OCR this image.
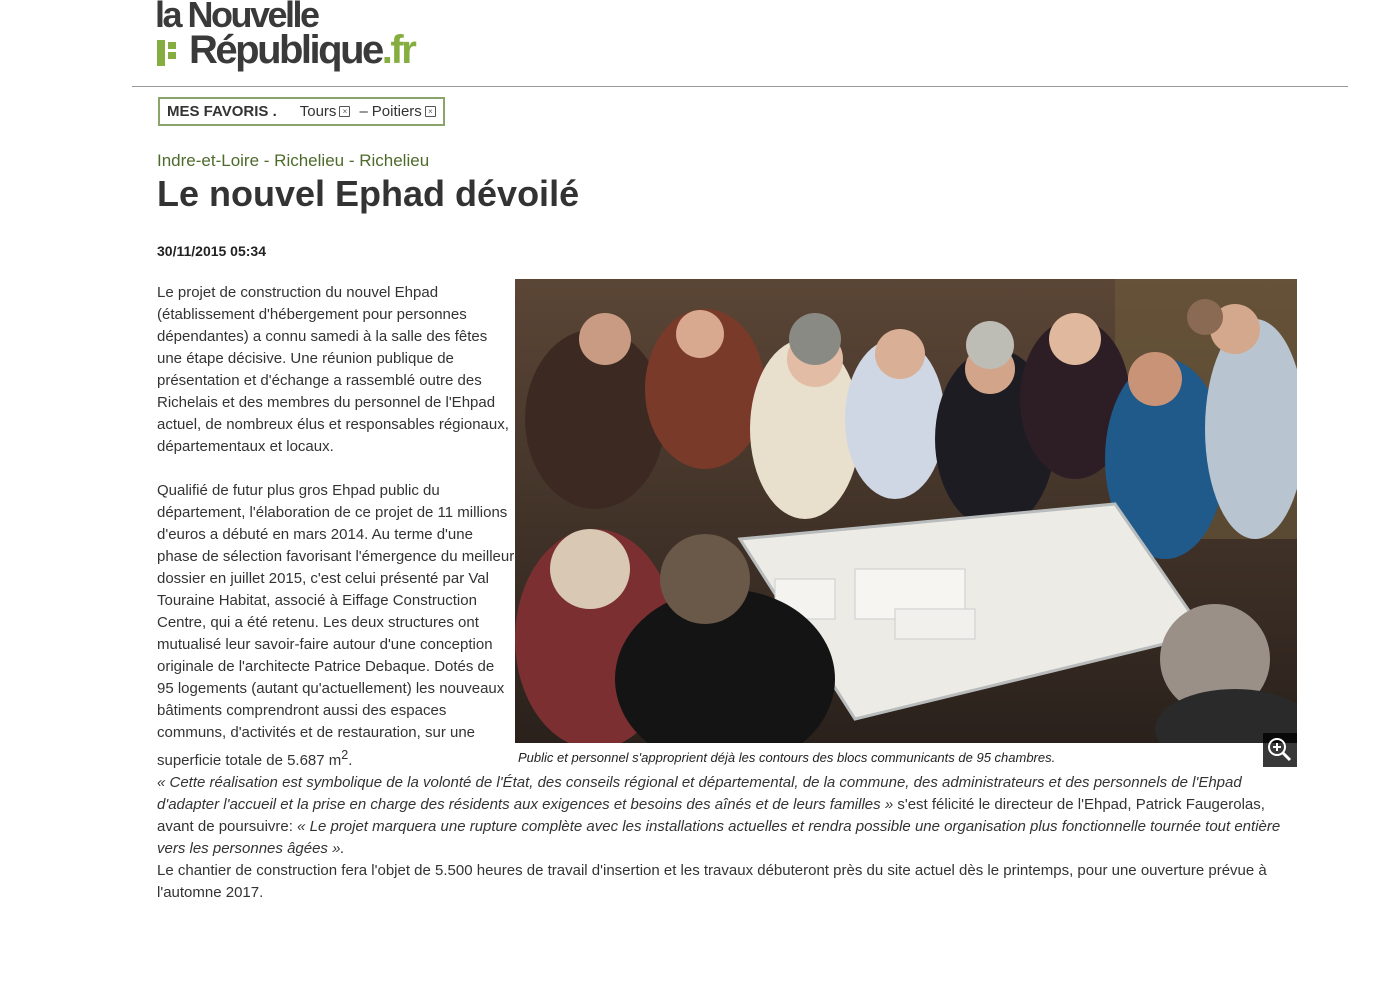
la Nouvelle
République.fr
MES FAVORIS . Tours × – Poitiers ×
Indre-et-Loire - Richelieu - Richelieu
Le nouvel Ephad dévoilé
30/11/2015 05:34
Public et personnel s'approprient déjà les contours des blocs communicants de 95 chambres.

Le projet de construction du nouvel Ehpad (établissement d'hébergement pour personnes dépendantes) a connu samedi à la salle des fêtes une étape décisive. Une réunion publique de présentation et d'échange a rassemblé outre des Richelais et des membres du personnel de l'Ehpad actuel, de nombreux élus et responsables régionaux, départementaux et locaux.

Qualifié de futur plus gros Ehpad public du département, l'élaboration de ce projet de 11 millions d'euros a débuté en mars 2014. Au terme d'une phase de sélection favorisant l'émergence du meilleur dossier en juillet 2015, c'est celui présenté par Val Touraine Habitat, associé à Eiffage Construction Centre, qui a été retenu. Les deux structures ont mutualisé leur savoir-faire autour d'une conception originale de l'architecte Patrice Debaque. Dotés de 95 logements (autant qu'actuellement) les nouveaux bâtiments comprendront aussi des espaces communs, d'activités et de restauration, sur une superficie totale de 5.687 $m^2$.

« Cette réalisation est symbolique de la volonté de l'État, des conseils régional et départemental, de la commune, des administrateurs et des personnels de l'Ehpad d'adapter l'accueil et la prise en charge des résidents aux exigences et besoins des aînés et de leurs familles » s'est félicité le directeur de l'Ehpad, Patrick Faugerolas, avant de poursuivre: « Le projet marquera une rupture complète avec les installations actuelles et rendra possible une organisation plus fonctionnelle tournée tout entière vers les personnes âgées ».

Le chantier de construction fera l'objet de 5.500 heures de travail d'insertion et les travaux débuteront près du site actuel dès le printemps, pour une ouverture prévue à l'automne 2017.
